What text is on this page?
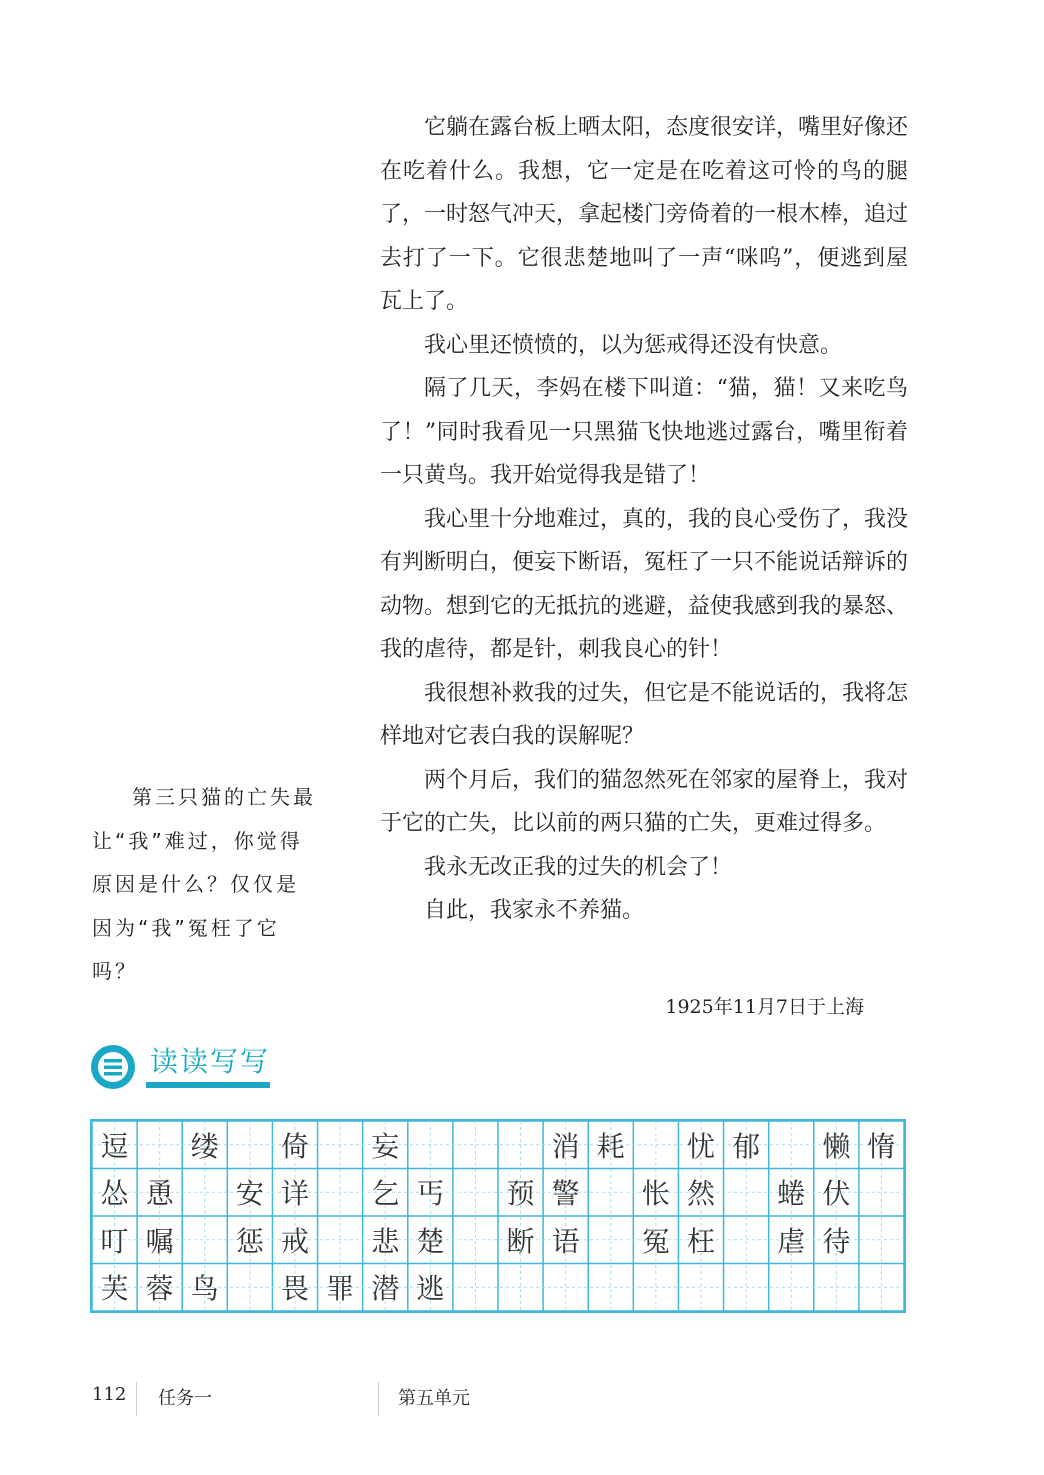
它躺在露台板上晒太阳，态度很安详，嘴里好像还在吃着什么。我想，它一定是在吃着这可怜的鸟的腿了，一时怒气冲天，拿起楼门旁倚着的一根木棒，追过去打了一下。它很悲楚地叫了一声“咪呜”，便逃到屋瓦上了。

我心里还愤愤的，以为惩戒得还没有快意。

隔了几天，李妈在楼下叫道：“猫，猫！又来吃鸟了！”同时我看见一只黑猫飞快地逃过露台，嘴里衔着一只黄鸟。我开始觉得我是错了！

我心里十分地难过，真的，我的良心受伤了，我没有判断明白，便妄下断语，冤枉了一只不能说话辩诉的动物。想到它的无抵抗的逃避，益使我感到我的暴怒、我的虐待，都是针，刺我良心的针！

我很想补救我的过失，但它是不能说话的，我将怎样地对它表白我的误解呢？

两个月后，我们的猫忽然死在邻家的屋脊上，我对于它的亡失，比以前的两只猫的亡失，更难过得多。

我永无改正我的过失的机会了！

自此，我家永不养猫。

第三只猫的亡失最让“我”难过，你觉得原因是什么？仅仅是因为“我”冤枉了它吗？
1925年11月7日于上海
读读写写
逗	缕	倚	妄	消 耗	忧 郁	懒 惰
怂 恿	安 详	乞 丐	预 警	怅 然	蜷 伏
叮 嘱	惩 戒	悲 楚	断 语	冤 枉	虐 待
芙 蓉 鸟	畏 罪 潜 逃
112 任务一	第五单元
